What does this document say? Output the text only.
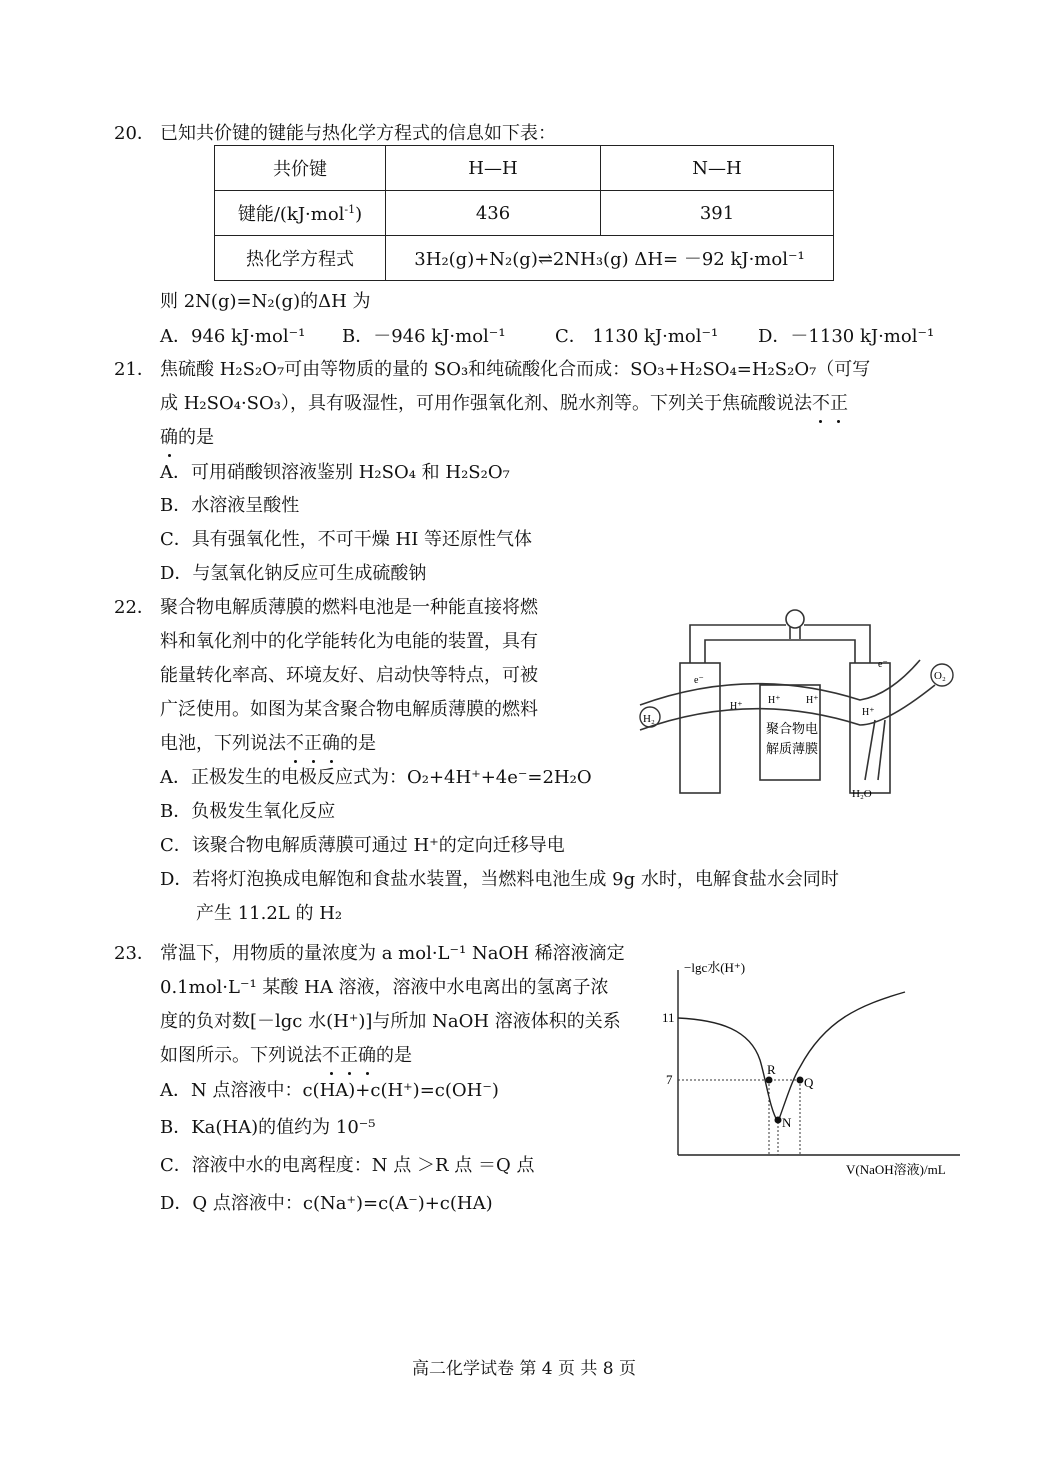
20． 已知共价键的键能与热化学方程式的信息如下表：
共价键	H—H	N—H
键能/(kJ·mol$^{-1}$)	436	391
热化学方程式	3H₂(g)+N₂(g)⇌2NH₃(g) ΔH= －92 kJ·mol⁻¹	
则 2N(g)=N₂(g)的ΔH 为
A．946 kJ·mol⁻¹ B．－946 kJ·mol⁻¹	C． 1130 kJ·mol⁻¹ D．－1130 kJ·mol⁻¹
21． 焦硫酸 H₂S₂O₇可由等物质的量的 SO₃和纯硫酸化合而成：SO₃+H₂SO₄=H₂S₂O₇（可写
成 H₂SO₄·SO₃），具有吸湿性，可用作强氧化剂、脱水剂等。下列关于焦硫酸说法不正
确的是
A．可用硝酸钡溶液鉴别 H₂SO₄ 和 H₂S₂O₇
B．水溶液呈酸性
C．具有强氧化性，不可干燥 HI 等还原性气体
D．与氢氧化钠反应可生成硫酸钠
22． 聚合物电解质薄膜的燃料电池是一种能直接将燃
料和氧化剂中的化学能转化为电能的装置，具有
能量转化率高、环境友好、启动快等特点，可被
广泛使用。如图为某含聚合物电解质薄膜的燃料
电池，下列说法不正确的是
A．正极发生的电极反应式为：O₂+4H⁺+4e⁻=2H₂O
B．负极发生氧化反应
C．该聚合物电解质薄膜可通过 H⁺的定向迁移导电
D．若将灯泡换成电解饱和食盐水装置，当燃料电池生成 9g 水时，电解食盐水会同时
产生 11.2L 的 H₂
H₂
O₂
e⁻
e⁻
H⁺
H⁺	H⁺
H⁺
聚合物电
解质薄膜
H₂O
23． 常温下，用物质的量浓度为 a mol·L⁻¹ NaOH 稀溶液滴定
0.1mol·L⁻¹ 某酸 HA 溶液，溶液中水电离出的氢离子浓
度的负对数[－lgc 水(H⁺)]与所加 NaOH 溶液体积的关系
如图所示。下列说法不正确的是
A．N 点溶液中：c(HA)+c(H⁺)=c(OH⁻)
B．Ka(HA)的值约为 10⁻⁵
C．溶液中水的电离程度：N 点 ＞R 点 ＝Q 点
D．Q 点溶液中：c(Na⁺)=c(A⁻)+c(HA)
−lgc水(H⁺)
11
7
R
N
Q
V(NaOH溶液)/mL
高二化学试卷 第 4 页 共 8 页
